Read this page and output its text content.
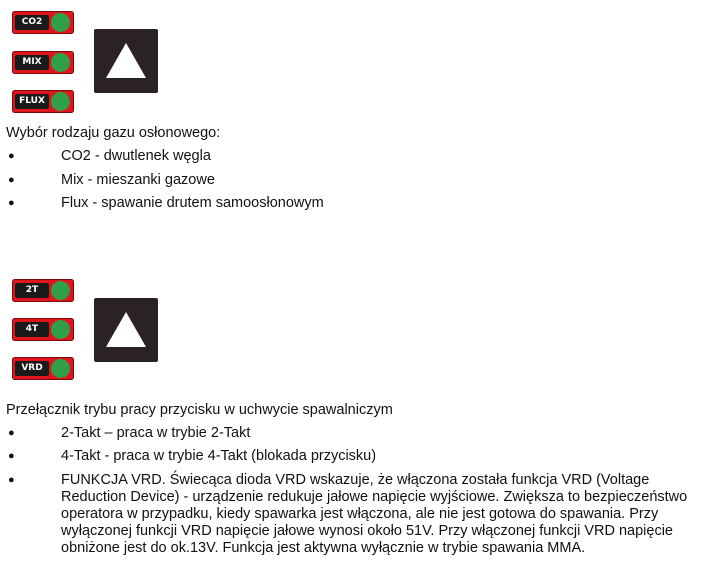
CO2
MIX
FLUX
Wybór rodzaju gazu osłonowego:
●	CO2 - dwutlenek węgla
●	Mix - mieszanki gazowe
●	Flux - spawanie drutem samoosłonowym
2T
4T
VRD
Przełącznik trybu pracy przycisku w uchwycie spawalniczym
●	2-Takt – praca w trybie 2-Takt
●	4-Takt - praca w trybie 4-Takt (blokada przycisku)
●	FUNKCJA VRD. Świecąca dioda VRD wskazuje, że włączona została funkcja VRD (Voltage
Reduction Device) - urządzenie redukuje jałowe napięcie wyjściowe. Zwiększa to bezpieczeństwo
operatora w przypadku, kiedy spawarka jest włączona, ale nie jest gotowa do spawania. Przy
wyłączonej funkcji VRD napięcie jałowe wynosi około 51V. Przy włączonej funkcji VRD napięcie
obniżone jest do ok.13V. Funkcja jest aktywna wyłącznie w trybie spawania MMA.
